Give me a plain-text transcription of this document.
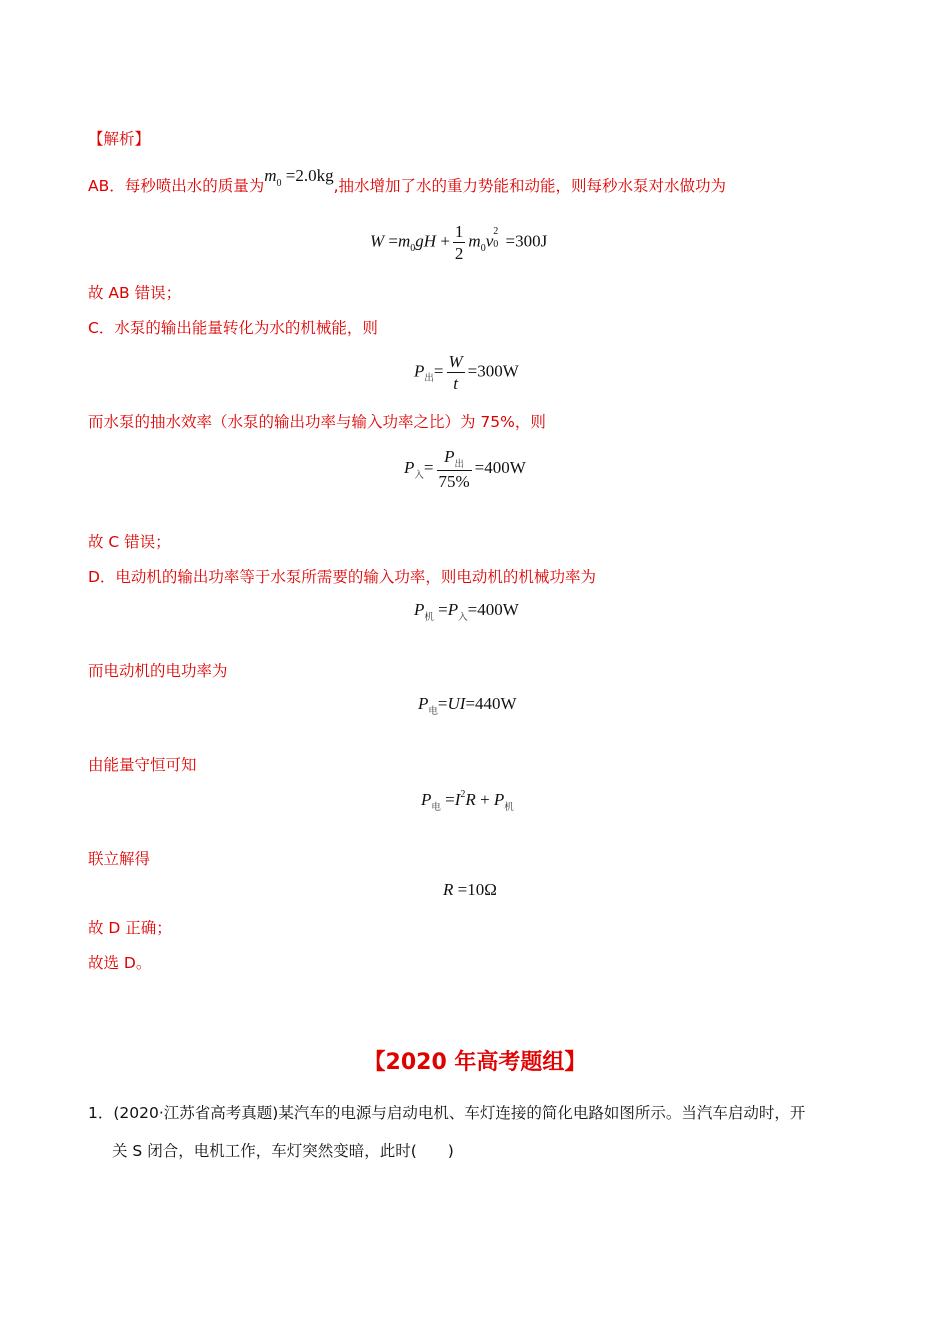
【解析】
AB．每秒喷出水的质量为$m_0 =2.0kg$,抽水增加了水的重力势能和动能，则每秒水泵对水做功为
$W =m_0gH + \frac{1}{2} m_0v$ 2
0 =300J
故 AB 错误；
C．水泵的输出能量转化为水的机械能，则
$P_出= \frac{W}{t} =300W$
而水泵的抽水效率（水泵的输出功率与输入功率之比）为 75%，则
$P_入= \frac{P_出}{75\%} =400W$
故 C 错误；
D．电动机的输出功率等于水泵所需要的输入功率，则电动机的机械功率为
$P_机 =P_入=400W$
而电动机的电功率为
$P_电=UI=440W$
由能量守恒可知
$P_电 =I^2R + P_机$
联立解得
R =10Ω
故 D 正确；
故选 D。
【2020 年高考题组】
1．(2020·江苏省高考真题)某汽车的电源与启动电机、车灯连接的简化电路如图所示。当汽车启动时，开
关 S 闭合，电机工作，车灯突然变暗，此时(　　)
